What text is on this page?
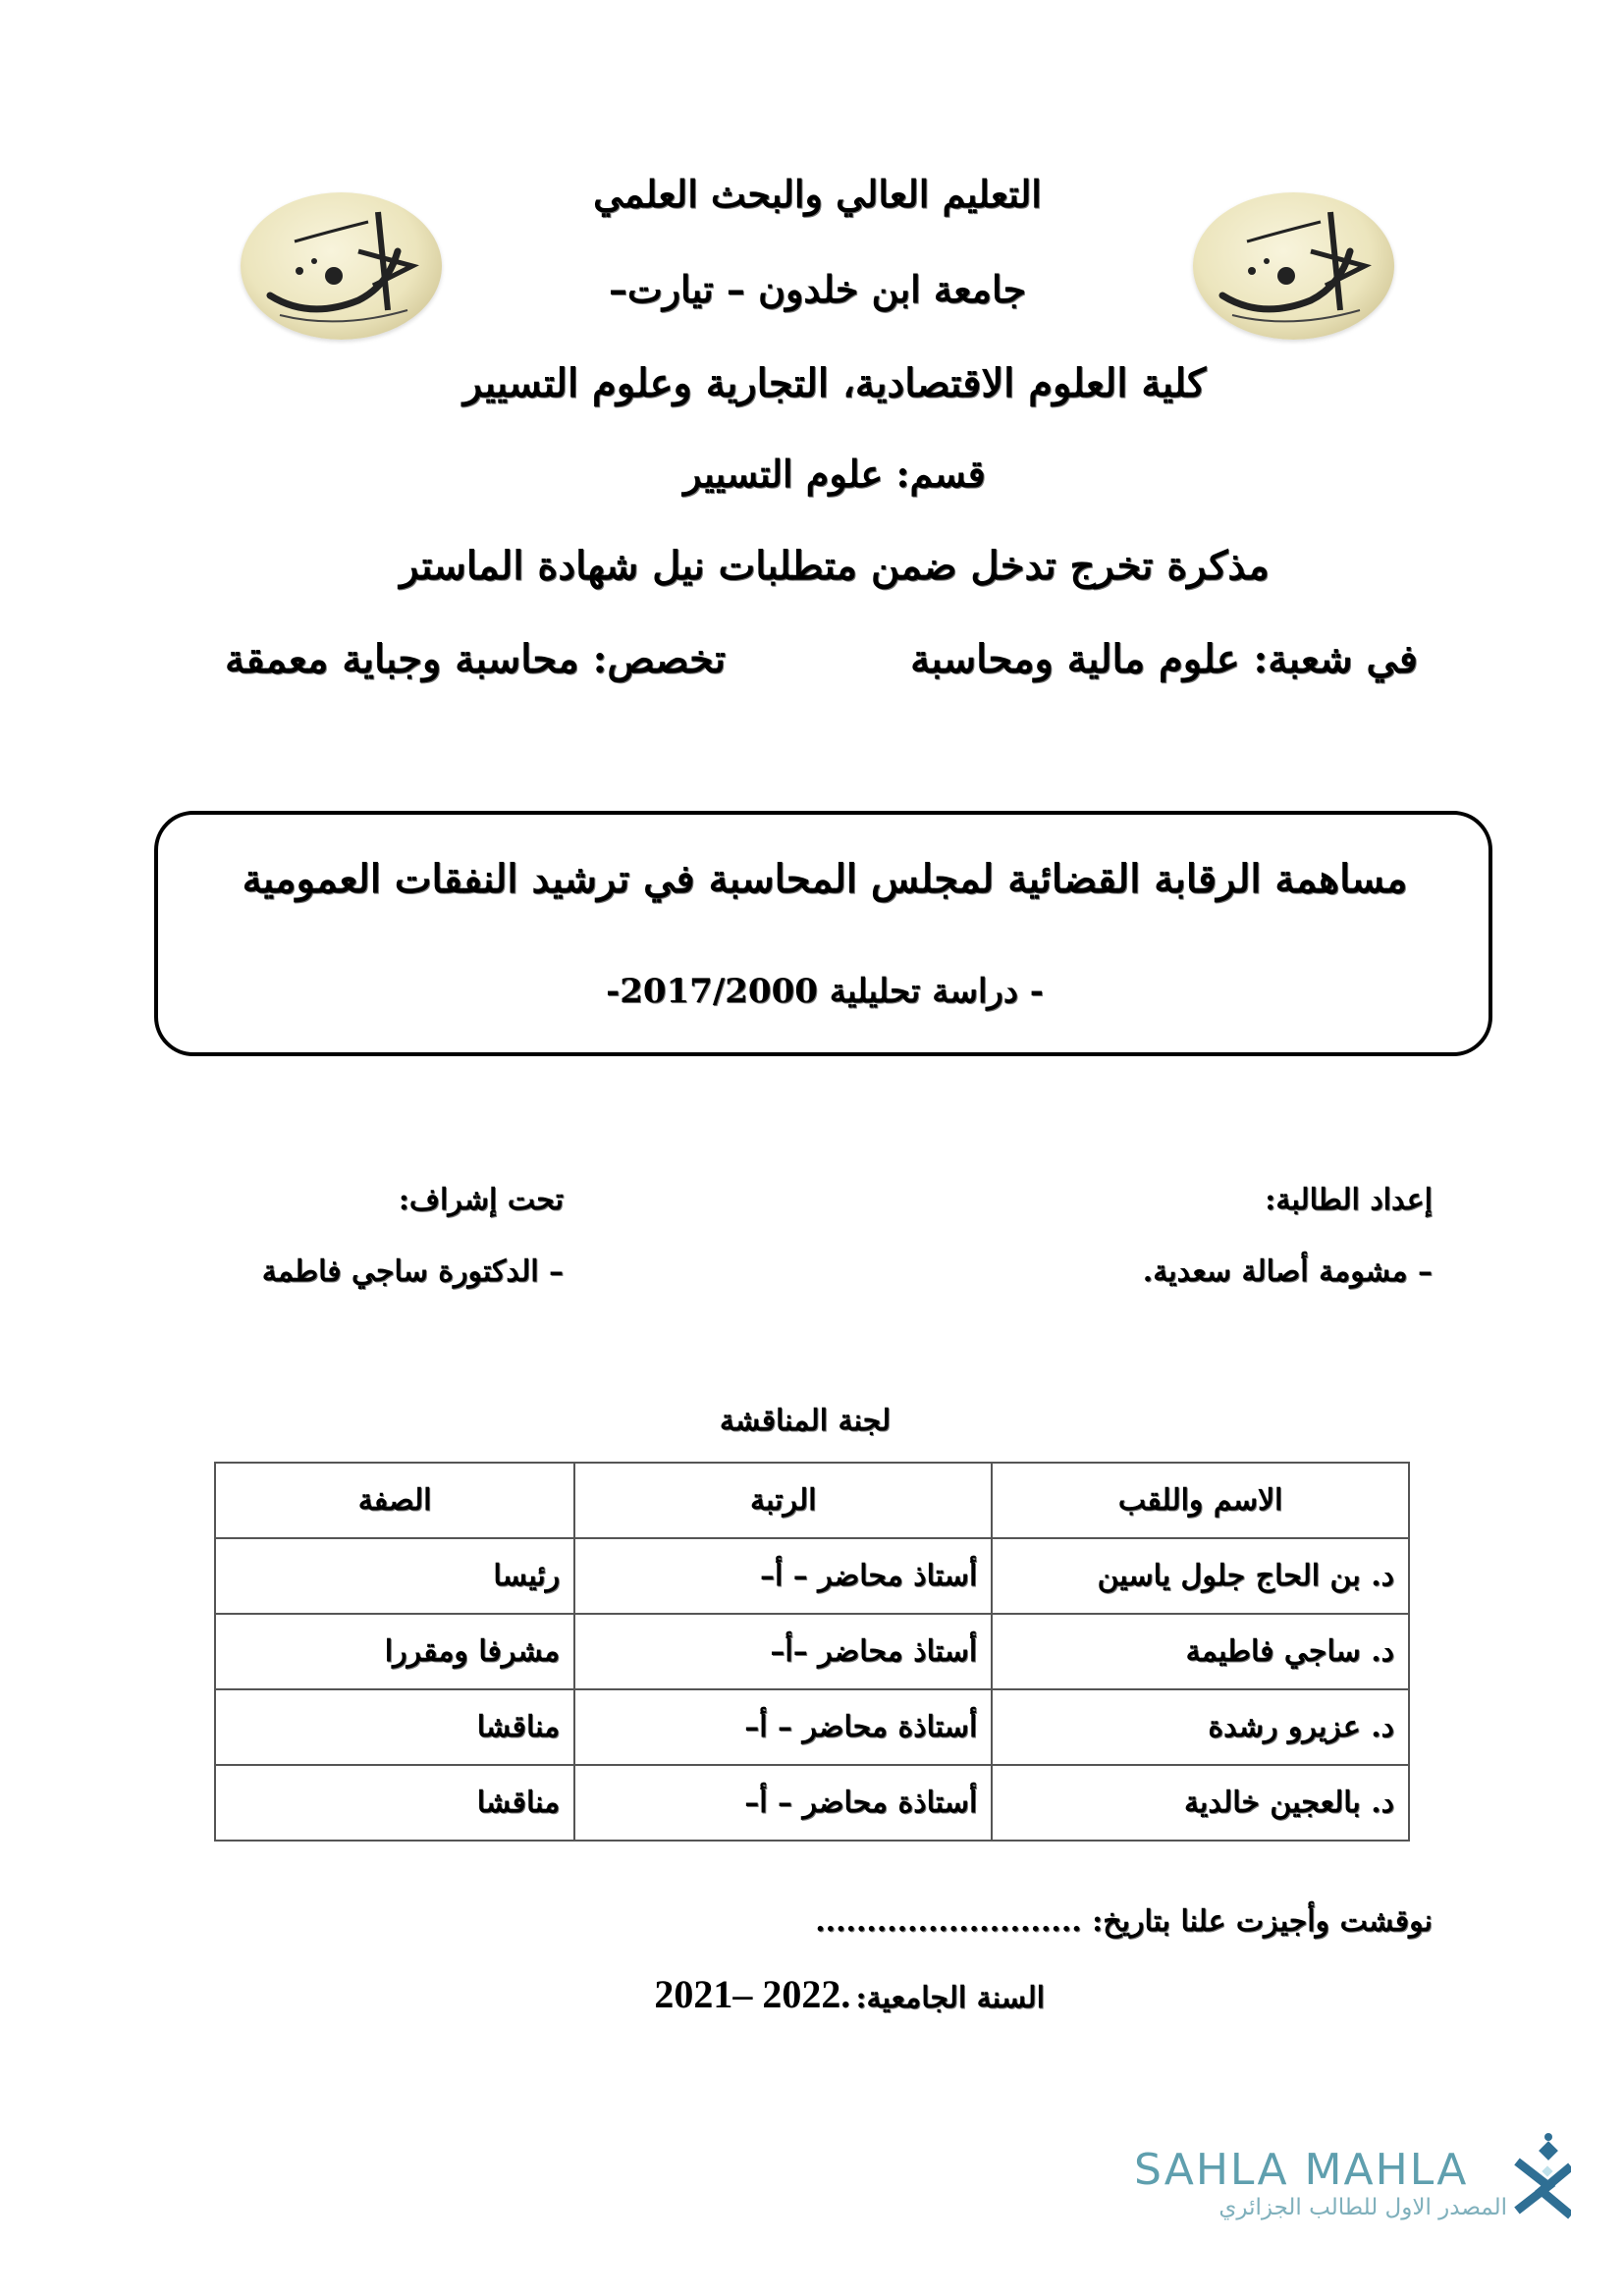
التعليم العالي والبحث العلمي
جامعة ابن خلدون – تيارت–
كلية العلوم الاقتصادية، التجارية وعلوم التسيير
قسم: علوم التسيير
مذكرة تخرج تدخل ضمن متطلبات نيل شهادة الماستر
في شعبة: علوم مالية ومحاسبة
تخصص: محاسبة وجباية معمقة
مساهمة الرقابة القضائية لمجلس المحاسبة في ترشيد النفقات العمومية
- دراسة تحليلية 2017/2000-
إعداد الطالبة:
– مشومة أصالة سعدية.
تحت إشراف:
– الدكتورة ساجي فاطمة
لجنة المناقشة
الاسم واللقب	الرتبة	الصفة
د. بن الحاج جلول ياسين	أستاذ محاضر – أ–	رئيسا
د. ساجي فاطيمة	أستاذ محاضر –أ–	مشرفا ومقررا
د. عزيرو رشدة	أستاذة محاضر – أ–	مناقشا
د. بالعجين خالدية	أستاذة محاضر – أ–	مناقشا
نوقشت وأجيزت علنا بتاريخ: ..........................
السنة الجامعية: 2021– 2022.
SAHLA MAHLA
المصدر الاول للطالب الجزائري
